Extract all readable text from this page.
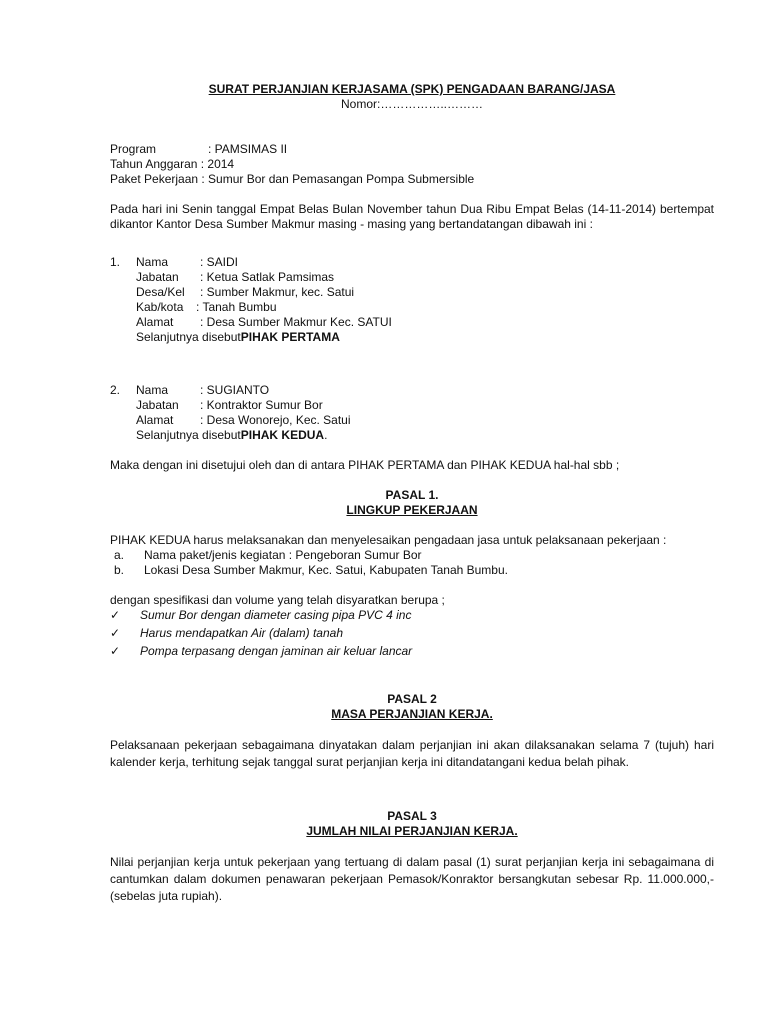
SURAT PERJANJIAN KERJASAMA (SPK) PENGADAAN BARANG/JASA
Nomor:……………..………
Program	: PAMSIMAS II
Tahun Anggaran : 2014
Paket Pekerjaan : Sumur Bor dan Pemasangan Pompa Submersible
Pada hari ini Senin tanggal Empat Belas Bulan November tahun Dua Ribu Empat Belas (14-11-2014) bertempat dikantor Kantor Desa Sumber Makmur masing - masing yang bertandatangan dibawah ini :
1.	Nama	: SAIDI
Jabatan	: Ketua Satlak Pamsimas
Desa/Kel	: Sumber Makmur, kec. Satui
Kab/kota	: Tanah Bumbu
Alamat	: Desa Sumber Makmur Kec. SATUI
Selanjutnya disebut PIHAK PERTAMA
2.	Nama	: SUGIANTO
Jabatan	: Kontraktor Sumur Bor
Alamat	: Desa Wonorejo, Kec. Satui
Selanjutnya disebut PIHAK KEDUA .
Maka dengan ini disetujui oleh dan di antara PIHAK PERTAMA dan PIHAK KEDUA hal-hal sbb ;
PASAL 1.
LINGKUP PEKERJAAN
PIHAK KEDUA harus melaksanakan dan menyelesaikan pengadaan jasa untuk pelaksanaan pekerjaan :
a.	Nama paket/jenis kegiatan : Pengeboran Sumur Bor
b.	Lokasi Desa Sumber Makmur, Kec. Satui, Kabupaten Tanah Bumbu.
dengan spesifikasi dan volume yang telah disyaratkan berupa ;
✓	Sumur Bor dengan diameter casing pipa PVC 4 inc
✓	Harus mendapatkan Air (dalam) tanah
✓	Pompa terpasang dengan jaminan air keluar lancar
PASAL 2
MASA PERJANJIAN KERJA.
Pelaksanaan pekerjaan sebagaimana dinyatakan dalam perjanjian ini akan dilaksanakan selama 7 (tujuh) hari kalender kerja, terhitung sejak tanggal surat perjanjian kerja ini ditandatangani kedua belah pihak.
PASAL 3
JUMLAH NILAI PERJANJIAN KERJA.
Nilai perjanjian kerja untuk pekerjaan yang tertuang di dalam pasal (1) surat perjanjian kerja ini sebagaimana di cantumkan dalam dokumen penawaran pekerjaan Pemasok/Konraktor bersangkutan sebesar Rp. 11.000.000,- (sebelas juta rupiah).
